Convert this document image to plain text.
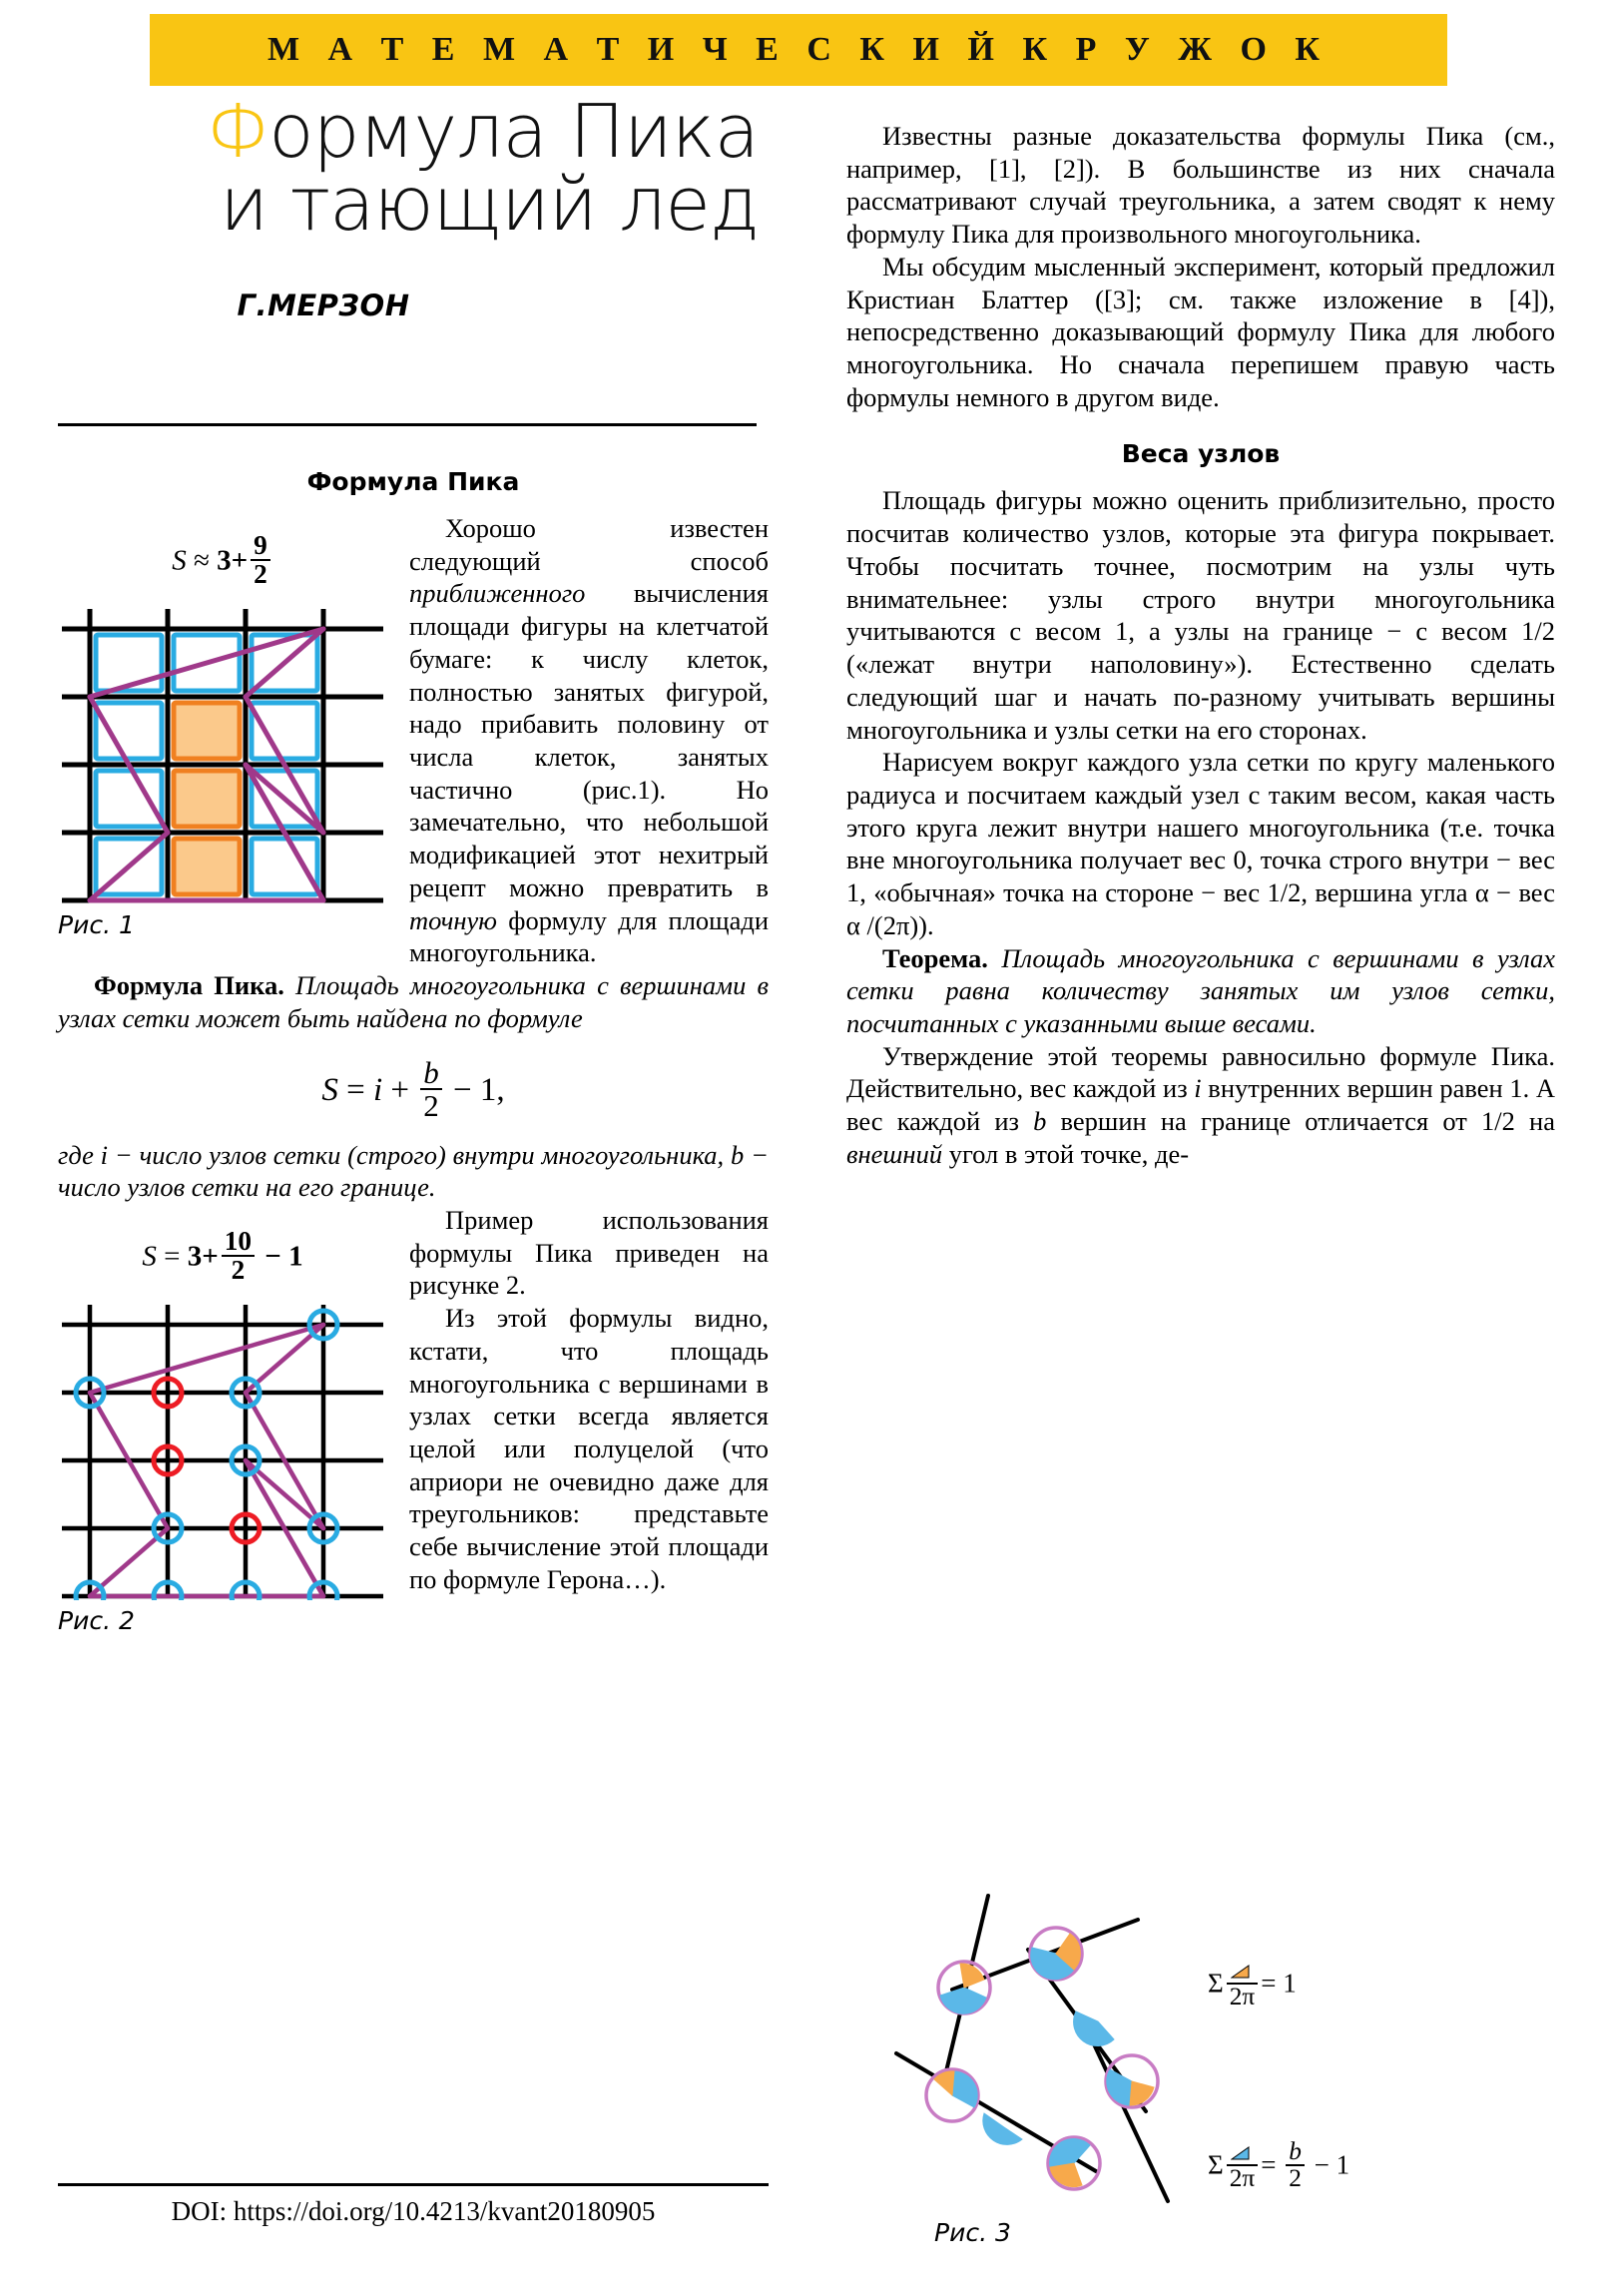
М А Т Е М А Т И Ч Е С К И Й К Р У Ж О К
Формула Пика
и тающий лед
Г.МЕРЗОН
Формула Пика
$S \approx 3+ \frac{9}{2}$
Рис. 1

Хорошо известен следующий способ приближенного вычисления площади фигуры на клетчатой бумаге: к числу клеток, полностью занятых фигурой, надо прибавить половину от числа клеток, занятых частично (рис.1). Но замечательно, что небольшой модификацией этот нехитрый рецепт можно превратить в точную формулу для площади многоугольника.

Формула Пика. Площадь многоугольника с вершинами в узлах сетки может быть найдена по формуле

$S = i + \frac{b}{2} - 1$,

где i − число узлов сетки (строго) внутри многоугольника, b − число узлов сетки на его границе.

$S = 3+ \frac{10}{2} - 1$
Рис. 2

Пример использования формулы Пика приведен на рисунке 2.

Из этой формулы видно, кстати, что площадь многоугольника с вершинами в узлах сетки всегда является целой или полуцелой (что априори не очевидно даже для треугольников: представьте себе вычисление этой площади по формуле Герона…).

Известны разные доказательства формулы Пика (см., например, [1], [2]). В большинстве из них сначала рассматривают случай треугольника, а затем сводят к нему формулу Пика для произвольного многоугольника.

Мы обсудим мысленный эксперимент, который предложил Кристиан Блаттер ([3]; см. также изложение в [4]), непосредственно доказывающий формулу Пика для любого многоугольника. Но сначала перепишем правую часть формулы немного в другом виде.

Веса узлов

Площадь фигуры можно оценить приблизительно, просто посчитав количество узлов, которые эта фигура покрывает. Чтобы посчитать точнее, посмотрим на узлы чуть внимательнее: узлы строго внутри многоугольника учитываются с весом 1, а узлы на границе − с весом 1/2 («лежат внутри наполовину»). Естественно сделать следующий шаг и начать по-разному учитывать вершины многоугольника и узлы сетки на его сторонах.

Нарисуем вокруг каждого узла сетки по кругу маленького радиуса и посчитаем каждый узел с таким весом, какая часть этого круга лежит внутри нашего многоугольника (т.е. точка вне многоугольника получает вес 0, точка строго внутри − вес 1, «обычная» точка на стороне − вес 1/2, вершина угла α − вес α /(2π)).

Теорема. Площадь многоугольника с вершинами в узлах сетки равна количеству занятых им узлов сетки, посчитанных с указанными выше весами.

Утверждение этой теоремы равносильно формуле Пика. Действительно, вес каждой из i внутренних вершин равен 1. А вес каждой из b вершин на границе отличается от 1/2 на внешний угол в этой точке, де-

Σ 2π = 1
Σ $2\pi = \frac{b}{2} - 1$
Рис. 3
DOI: https://doi.org/10.4213/kvant20180905
